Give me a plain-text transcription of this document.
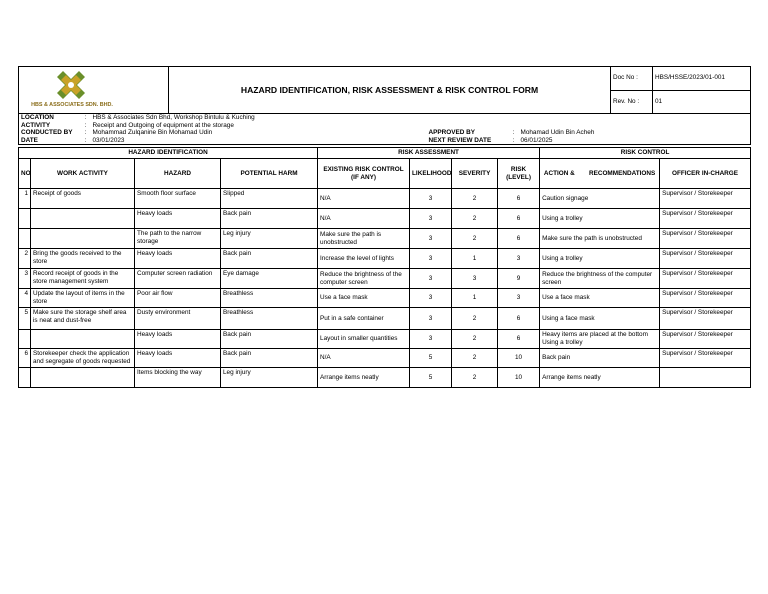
HBS & ASSOCIATES SDN. BHD.	HAZARD IDENTIFICATION, RISK ASSESSMENT & RISK CONTROL FORM	Doc No :	HBS/HSSE/2023/01-001
		Rev. No :	01
LOCATION	:	HBS & Associates Sdn Bhd, Workshop Bintulu & Kuching			
ACTIVITY	:	Receipt and Outgoing of equipment at the storage			
CONDUCTED BY	:	Mohammad Zulqanine Bin Mohamad Udin	APPROVED BY	:	Mohamad Udin Bin Acheh
DATE	:	03/01/2023	NEXT REVIEW DATE	:	06/01/2025
HAZARD IDENTIFICATION				RISK ASSESSMENT				RISK CONTROL	
NO	WORK ACTIVITY	HAZARD	POTENTIAL HARM	EXISTING RISK CONTROL (IF ANY)	LIKELIHOOD	SEVERITY	RISK (LEVEL)	ACTION & RECOMMENDATIONS	OFFICER IN-CHARGE
1	Receipt of goods	Smooth floor surface	Slipped	N/A	3	2	6	Caution signage	Supervisor / Storekeeper
		Heavy loads	Back pain	N/A	3	2	6	Using a trolley	Supervisor / Storekeeper
		The path to the narrow storage	Leg injury	Make sure the path is unobstructed	3	2	6	Make sure the path is unobstructed	Supervisor / Storekeeper
2	Bring the goods received to the store	Heavy loads	Back pain	Increase the level of lights	3	1	3	Using a trolley	Supervisor / Storekeeper
3	Record receipt of goods in the store management system	Computer screen radiation	Eye damage	Reduce the brightness of the computer screen	3	3	9	Reduce the brightness of the computer screen	Supervisor / Storekeeper
4	Update the layout of items in the store	Poor air flow	Breathless	Use a face mask	3	1	3	Use a face mask	Supervisor / Storekeeper
5	Make sure the storage shelf area is neat and dust-free	Dusty environment	Breathless	Put in a safe container	3	2	6	Using a face mask	Supervisor / Storekeeper
		Heavy loads	Back pain	Layout in smaller quantities	3	2	6	Heavy items are placed at the bottom Using a trolley	Supervisor / Storekeeper
6	Storekeeper check the application and segregate of goods requested	Heavy loads	Back pain	N/A	5	2	10	Back pain	Supervisor / Storekeeper
		Items blocking the way	Leg injury	Arrange items neatly	5	2	10	Arrange items neatly	
